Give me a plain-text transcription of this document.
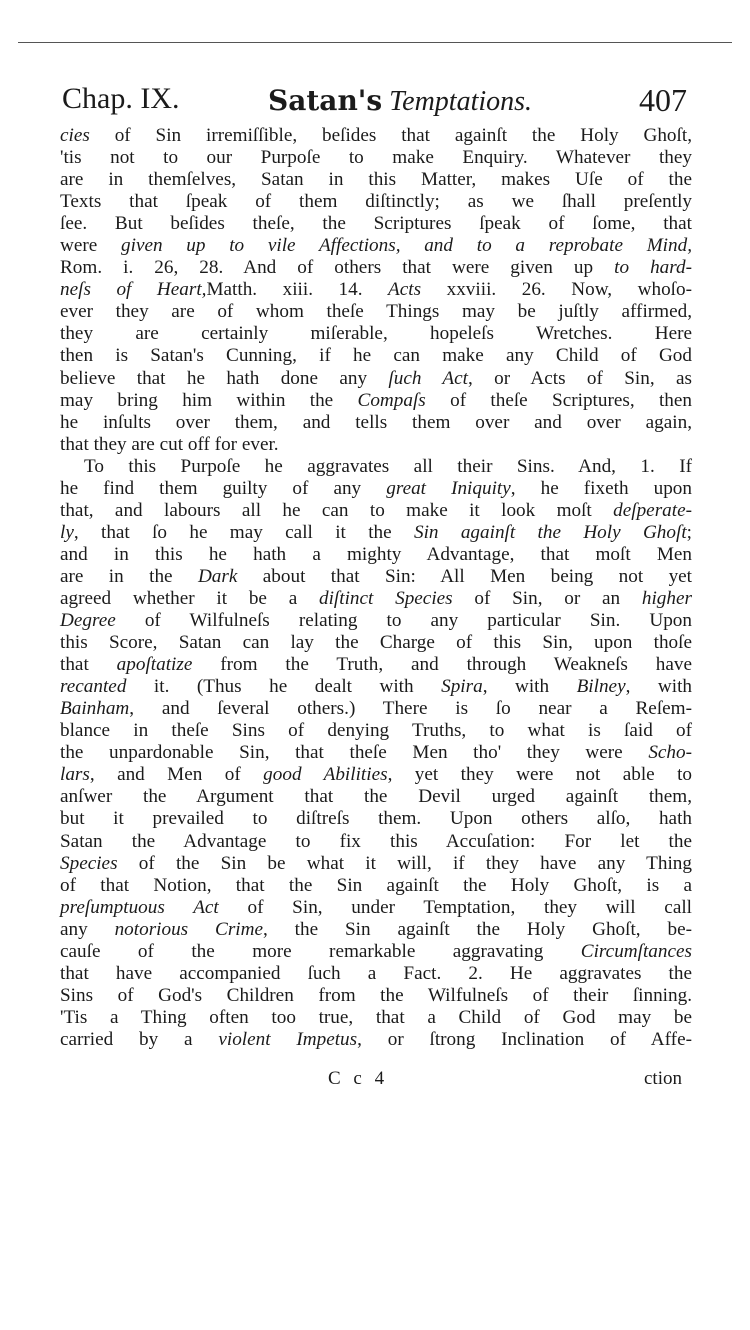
Chap. IX.	Satan's Temptations.	407
cies of Sin irremiſſible, beſides that againſt the Holy Ghoſt,
'tis not to our Purpoſe to make Enquiry. Whatever they
are in themſelves, Satan in this Matter, makes Uſe of the
Texts that ſpeak of them diſtinctly; as we ſhall preſently
ſee. But beſides theſe, the Scriptures ſpeak of ſome, that
were given up to vile Affections, and to a reprobate Mind,
Rom. i. 26, 28. And of others that were given up to hard-
neſs of Heart,Matth. xiii. 14. Acts xxviii. 26. Now, whoſo-
ever they are of whom theſe Things may be juſtly affirmed,
they are certainly miſerable, hopeleſs Wretches. Here
then is Satan's Cunning, if he can make any Child of God
believe that he hath done any ſuch Act, or Acts of Sin, as
may bring him within the Compaſs of theſe Scriptures, then
he inſults over them, and tells them over and over again,
that they are cut off for ever.
To this Purpoſe he aggravates all their Sins. And, 1. If
he find them guilty of any great Iniquity, he fixeth upon
that, and labours all he can to make it look moſt deſperate-
ly, that ſo he may call it the Sin againſt the Holy Ghoſt;
and in this he hath a mighty Advantage, that moſt Men
are in the Dark about that Sin: All Men being not yet
agreed whether it be a diſtinct Species of Sin, or an higher
Degree of Wilfulneſs relating to any particular Sin. Upon
this Score, Satan can lay the Charge of this Sin, upon thoſe
that apoſtatize from the Truth, and through Weakneſs have
recanted it. (Thus he dealt with Spira, with Bilney, with
Bainham, and ſeveral others.) There is ſo near a Reſem-
blance in theſe Sins of denying Truths, to what is ſaid of
the unpardonable Sin, that theſe Men tho' they were Scho-
lars, and Men of good Abilities, yet they were not able to
anſwer the Argument that the Devil urged againſt them,
but it prevailed to diſtreſs them. Upon others alſo, hath
Satan the Advantage to fix this Accuſation: For let the
Species of the Sin be what it will, if they have any Thing
of that Notion, that the Sin againſt the Holy Ghoſt, is a
preſumptuous Act of Sin, under Temptation, they will call
any notorious Crime, the Sin againſt the Holy Ghoſt, be-
cauſe of the more remarkable aggravating Circumſtances
that have accompanied ſuch a Fact. 2. He aggravates the
Sins of God's Children from the Wilfulneſs of their ſinning.
'Tis a Thing often too true, that a Child of God may be
carried by a violent Impetus, or ſtrong Inclination of Affe-
C c 4	ction
